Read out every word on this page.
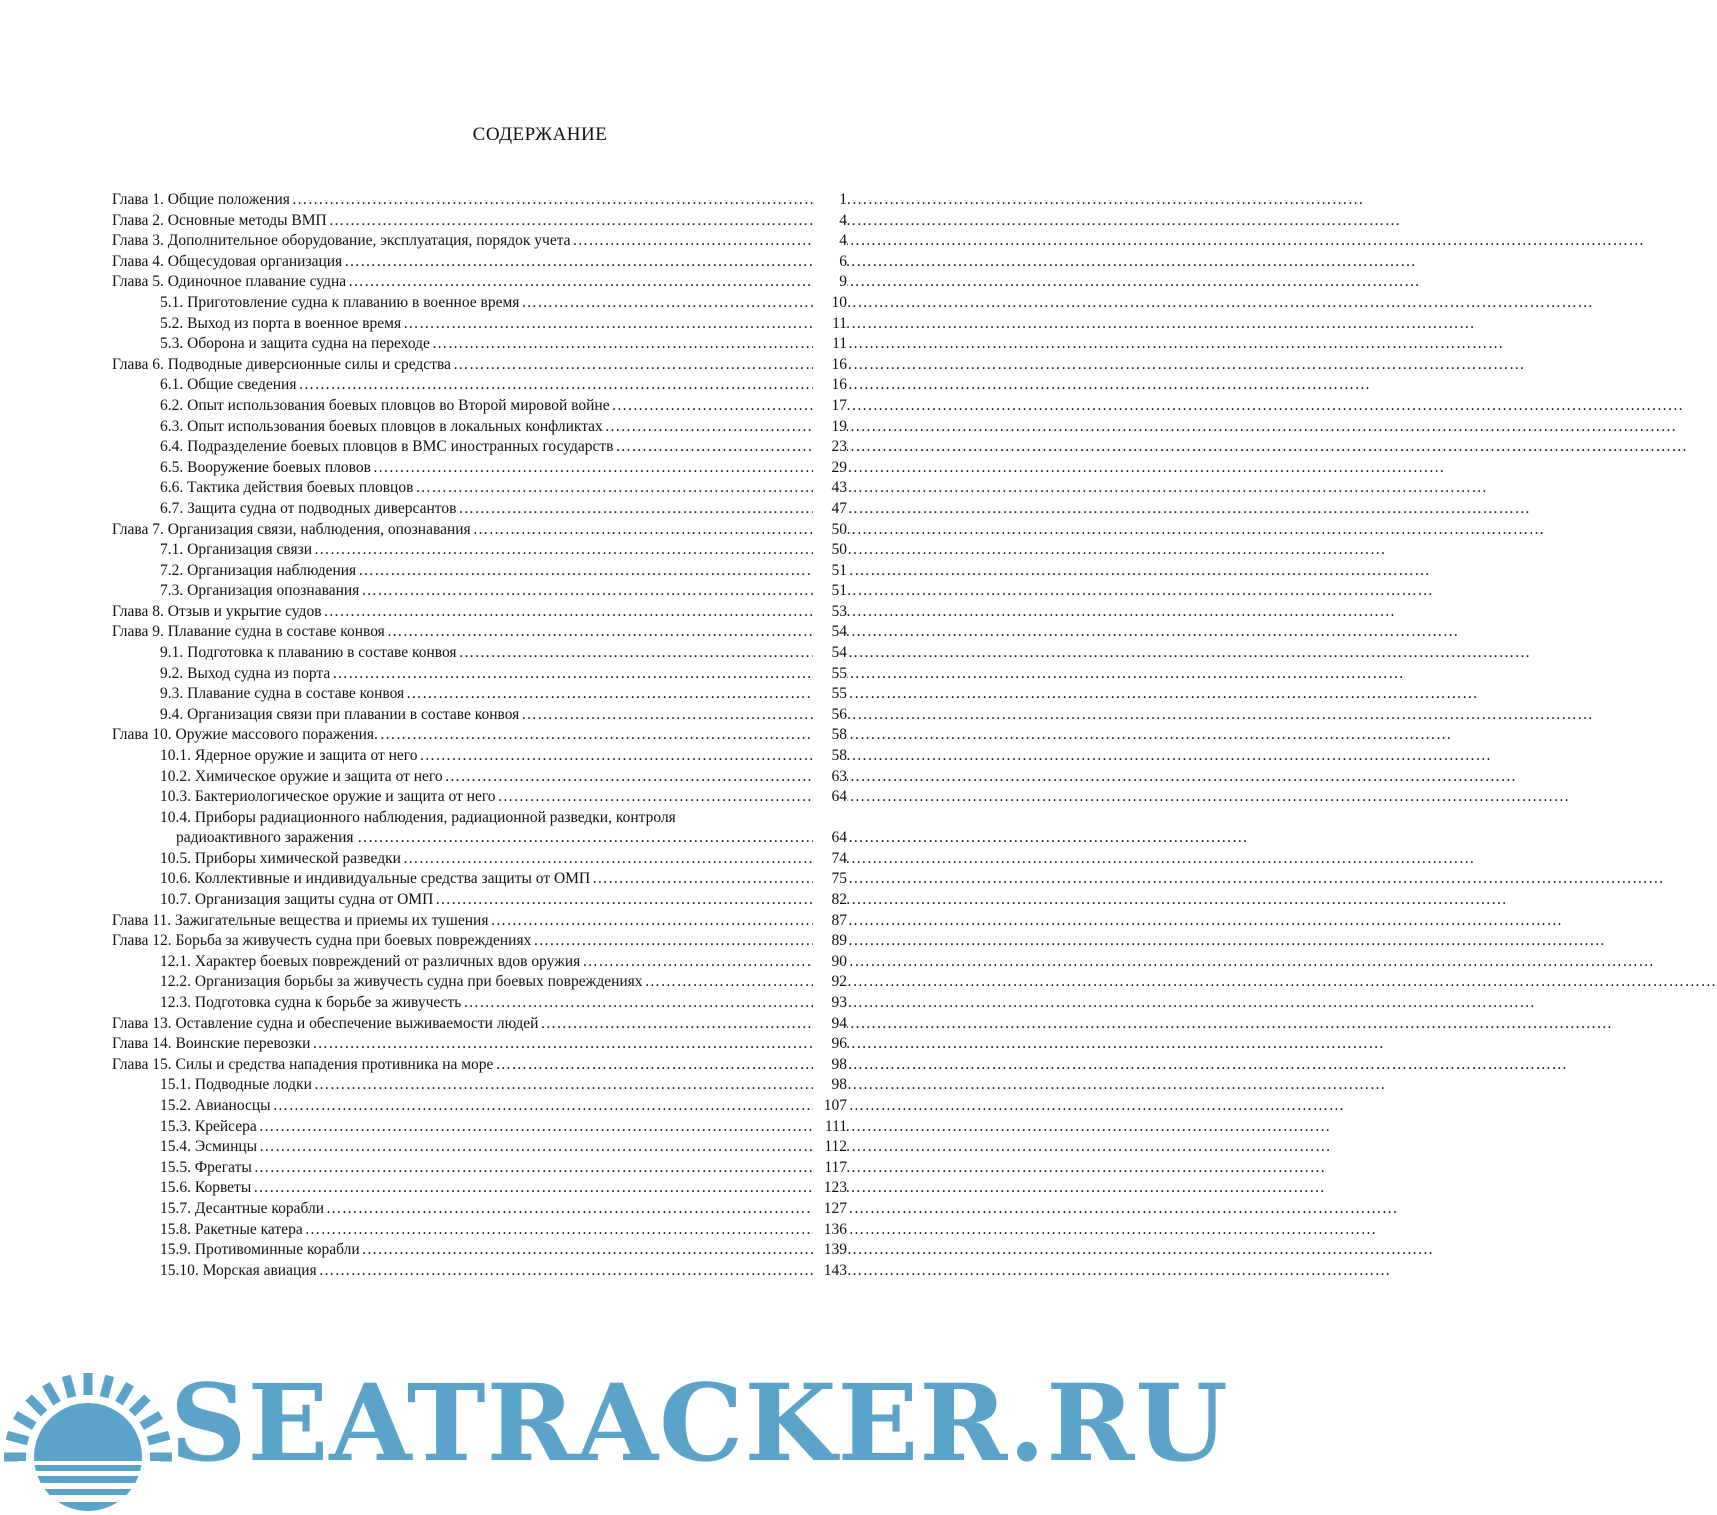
СОДЕРЖАНИЕ
Глава 1. Общие положения …………………………………………………………………………………………………………………………………………………………………………………	1
Глава 2. Основные методы ВМП …………………………………………………………………………………………………………………………………………………………………………………	4
Глава 3. Дополнительное оборудование, эксплуатация, порядок учета …………………………………………………………………………………………………………………………………………………………………………………	4
Глава 4. Общесудовая организация …………………………………………………………………………………………………………………………………………………………………………………	6
Глава 5. Одиночное плавание судна …………………………………………………………………………………………………………………………………………………………………………………	9
5.1. Приготовление судна к плаванию в военное время …………………………………………………………………………………………………………………………………………………………………………………	10
5.2. Выход из порта в военное время …………………………………………………………………………………………………………………………………………………………………………………	11
5.3. Оборона и защита судна на переходе …………………………………………………………………………………………………………………………………………………………………………………	11
Глава 6. Подводные диверсионные силы и средства …………………………………………………………………………………………………………………………………………………………………………………	16
6.1. Общие сведения …………………………………………………………………………………………………………………………………………………………………………………	16
6.2. Опыт использования боевых пловцов во Второй мировой войне …………………………………………………………………………………………………………………………………………………………………………………	17
6.3. Опыт использования боевых пловцов в локальных конфликтах …………………………………………………………………………………………………………………………………………………………………………………	19
6.4. Подразделение боевых пловцов в ВМС иностранных государств …………………………………………………………………………………………………………………………………………………………………………………	23
6.5. Вооружение боевых пловов …………………………………………………………………………………………………………………………………………………………………………………	29
6.6. Тактика действия боевых пловцов …………………………………………………………………………………………………………………………………………………………………………………	43
6.7. Защита судна от подводных диверсантов …………………………………………………………………………………………………………………………………………………………………………………	47
Глава 7. Организация связи, наблюдения, опознавания …………………………………………………………………………………………………………………………………………………………………………………	50
7.1. Организация связи …………………………………………………………………………………………………………………………………………………………………………………	50
7.2. Организация наблюдения …………………………………………………………………………………………………………………………………………………………………………………	51
7.3. Организация опознавания …………………………………………………………………………………………………………………………………………………………………………………	51
Глава 8. Отзыв и укрытие судов …………………………………………………………………………………………………………………………………………………………………………………	53
Глава 9. Плавание судна в составе конвоя …………………………………………………………………………………………………………………………………………………………………………………	54
9.1. Подготовка к плаванию в составе конвоя …………………………………………………………………………………………………………………………………………………………………………………	54
9.2. Выход судна из порта …………………………………………………………………………………………………………………………………………………………………………………	55
9.3. Плавание судна в составе конвоя …………………………………………………………………………………………………………………………………………………………………………………	55
9.4. Организация связи при плавании в составе конвоя …………………………………………………………………………………………………………………………………………………………………………………	56
Глава 10. Оружие массового поражения. …………………………………………………………………………………………………………………………………………………………………………………	58
10.1. Ядерное оружие и защита от него …………………………………………………………………………………………………………………………………………………………………………………	58
10.2. Химическое оружие и защита от него …………………………………………………………………………………………………………………………………………………………………………………	63
10.3. Бактериологическое оружие и защита от него …………………………………………………………………………………………………………………………………………………………………………………	64
10.4. Приборы радиационного наблюдения, радиационной разведки, контроля
…………………………………………………………………………………………………………………………………………………………………………………
радиоактивного заражения	64
10.5. Приборы химической разведки …………………………………………………………………………………………………………………………………………………………………………………	74
10.6. Коллективные и индивидуальные средства защиты от ОМП …………………………………………………………………………………………………………………………………………………………………………………	75
10.7. Организация защиты судна от ОМП …………………………………………………………………………………………………………………………………………………………………………………	82
Глава 11. Зажигательные вещества и приемы их тушения …………………………………………………………………………………………………………………………………………………………………………………	87
Глава 12. Борьба за живучесть судна при боевых повреждениях …………………………………………………………………………………………………………………………………………………………………………………	89
12.1. Характер боевых повреждений от различных вдов оружия …………………………………………………………………………………………………………………………………………………………………………………	90
12.2. Организация борьбы за живучесть судна при боевых повреждениях …………………………………………………………………………………………………………………………………………………………………………………	92
12.3. Подготовка судна к борьбе за живучесть …………………………………………………………………………………………………………………………………………………………………………………	93
Глава 13. Оставление судна и обеспечение выживаемости людей …………………………………………………………………………………………………………………………………………………………………………………	94
Глава 14. Воинские перевозки …………………………………………………………………………………………………………………………………………………………………………………	96
Глава 15. Силы и средства нападения противника на море …………………………………………………………………………………………………………………………………………………………………………………	98
15.1. Подводные лодки …………………………………………………………………………………………………………………………………………………………………………………	98
15.2. Авианосцы …………………………………………………………………………………………………………………………………………………………………………………	107
15.3. Крейсера …………………………………………………………………………………………………………………………………………………………………………………	111
15.4. Эсминцы …………………………………………………………………………………………………………………………………………………………………………………	112
15.5. Фрегаты …………………………………………………………………………………………………………………………………………………………………………………	117
15.6. Корветы …………………………………………………………………………………………………………………………………………………………………………………	123
15.7. Десантные корабли …………………………………………………………………………………………………………………………………………………………………………………	127
15.8. Ракетные катера …………………………………………………………………………………………………………………………………………………………………………………	136
15.9. Противоминные корабли …………………………………………………………………………………………………………………………………………………………………………………	139
15.10. Морская авиация …………………………………………………………………………………………………………………………………………………………………………………	143
SEATRACKER.RU
